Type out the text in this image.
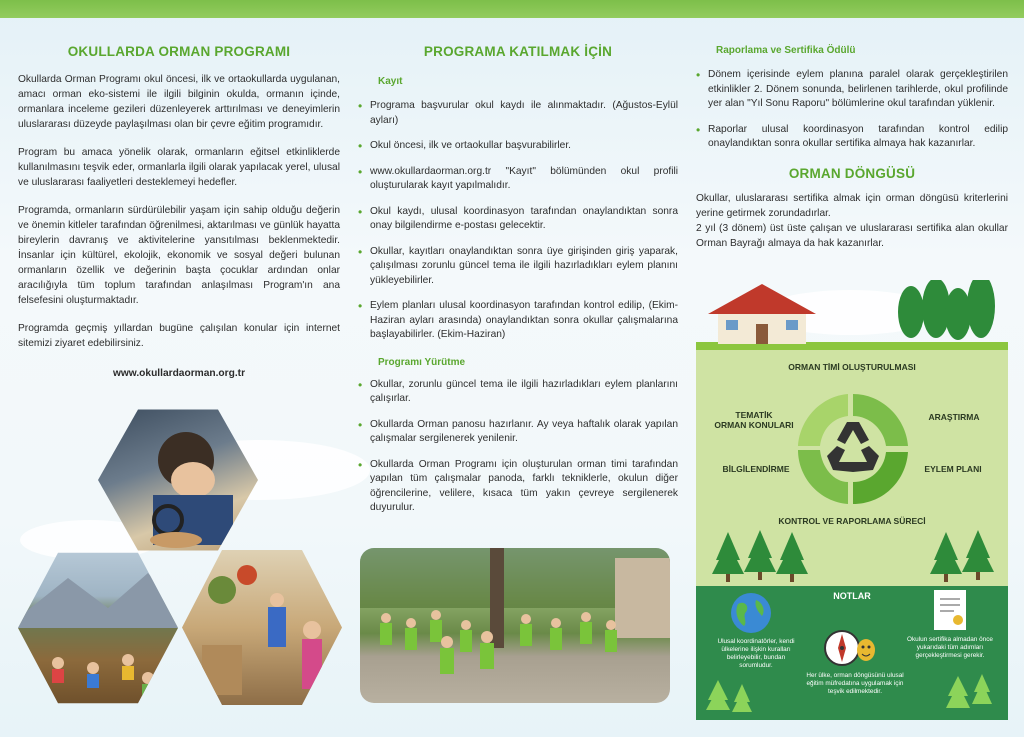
OKULLARDA ORMAN PROGRAMI

Okullarda Orman Programı okul öncesi, ilk ve ortaokullarda uygulanan, amacı orman eko-sistemi ile ilgili bilginin okulda, ormanın içinde, ormanlara inceleme gezileri düzenleyerek arttırılması ve deneyimlerin uluslararası düzeyde paylaşılması olan bir çevre eğitim programıdır.

Program bu amaca yönelik olarak, ormanların eğitsel etkinliklerde kullanılmasını teşvik eder, ormanlarla ilgili olarak yapılacak yerel, ulusal ve uluslararası faaliyetleri desteklemeyi hedefler.

Programda, ormanların sürdürülebilir yaşam için sahip olduğu değerin ve önemin kitleler tarafından öğrenilmesi, aktarılması ve günlük hayatta bireylerin davranış ve aktivitelerine yansıtılması beklenmektedir. İnsanlar için kültürel, ekolojik, ekonomik ve sosyal değeri bulunan ormanların özellik ve değerinin başta çocuklar ardından onlar aracılığıyla tüm toplum tarafından anlaşılması Program'ın ana felsefesini oluşturmaktadır.

Programda geçmiş yıllardan bugüne çalışılan konular için internet sitemizi ziyaret edebilirsiniz.

www.okullardaorman.org.tr
PROGRAMA KATILMAK İÇİN
Kayıt
• Programa başvurular okul kaydı ile alınmaktadır. (Ağustos-Eylül ayları)
• Okul öncesi, ilk ve ortaokullar başvurabilirler.
• www.okullardaorman.org.tr "Kayıt" bölümünden okul profili oluşturularak kayıt yapılmalıdır.
• Okul kaydı, ulusal koordinasyon tarafından onaylandıktan sonra onay bilgilendirme e-postası gelecektir.
• Okullar, kayıtları onaylandıktan sonra üye girişinden giriş yaparak, çalışılması zorunlu güncel tema ile ilgili hazırladıkları eylem planını yükleyebilirler.
• Eylem planları ulusal koordinasyon tarafından kontrol edilip, (Ekim-Haziran ayları arasında) onaylandıktan sonra okullar çalışmalarına başlayabilirler. (Ekim-Haziran)
Programı Yürütme
• Okullar, zorunlu güncel tema ile ilgili hazırladıkları eylem planlarını çalışırlar.
• Okullarda Orman panosu hazırlanır. Ay veya haftalık olarak yapılan çalışmalar sergilenerek yenilenir.
• Okullarda Orman Programı için oluşturulan orman timi tarafından yapılan tüm çalışmalar panoda, farklı tekniklerle, okulun diğer öğrencilerine, velilere, kısaca tüm yakın çevreye sergilenerek duyurulur.
Raporlama ve Sertifika Ödülü
• Dönem içerisinde eylem planına paralel olarak gerçekleştirilen etkinlikler 2. Dönem sonunda, belirlenen tarihlerde, okul profilinde yer alan "Yıl Sonu Raporu" bölümlerine okul tarafından yüklenir.
• Raporlar ulusal koordinasyon tarafından kontrol edilip onaylandıktan sonra okullar sertifika almaya hak kazanırlar.
ORMAN DÖNGÜSÜ

Okullar, uluslararası sertifika almak için orman döngüsü kriterlerini yerine getirmek zorundadırlar.

2 yıl (3 dönem) üst üste çalışan ve uluslararası sertifika alan okullar Orman Bayrağı almaya da hak kazanırlar.

ORMAN TİMİ OLUŞTURULMASI
TEMATİK
ORMAN KONULARI
ARAŞTIRMA
BİLGİLENDİRME	EYLEM PLANI
KONTROL VE RAPORLAMA SÜRECİ
NOTLAR
Ulusal koordinatörler, kendi ülkelerine ilişkin kuralları belirleyebilir, bundan sorumludur.
Okulun sertifika almadan önce yukarıdaki tüm adımları gerçekleştirmesi gerekir.
Her ülke, orman döngüsünü ulusal eğitim müfredatına uygulamak için teşvik edilmektedir.
